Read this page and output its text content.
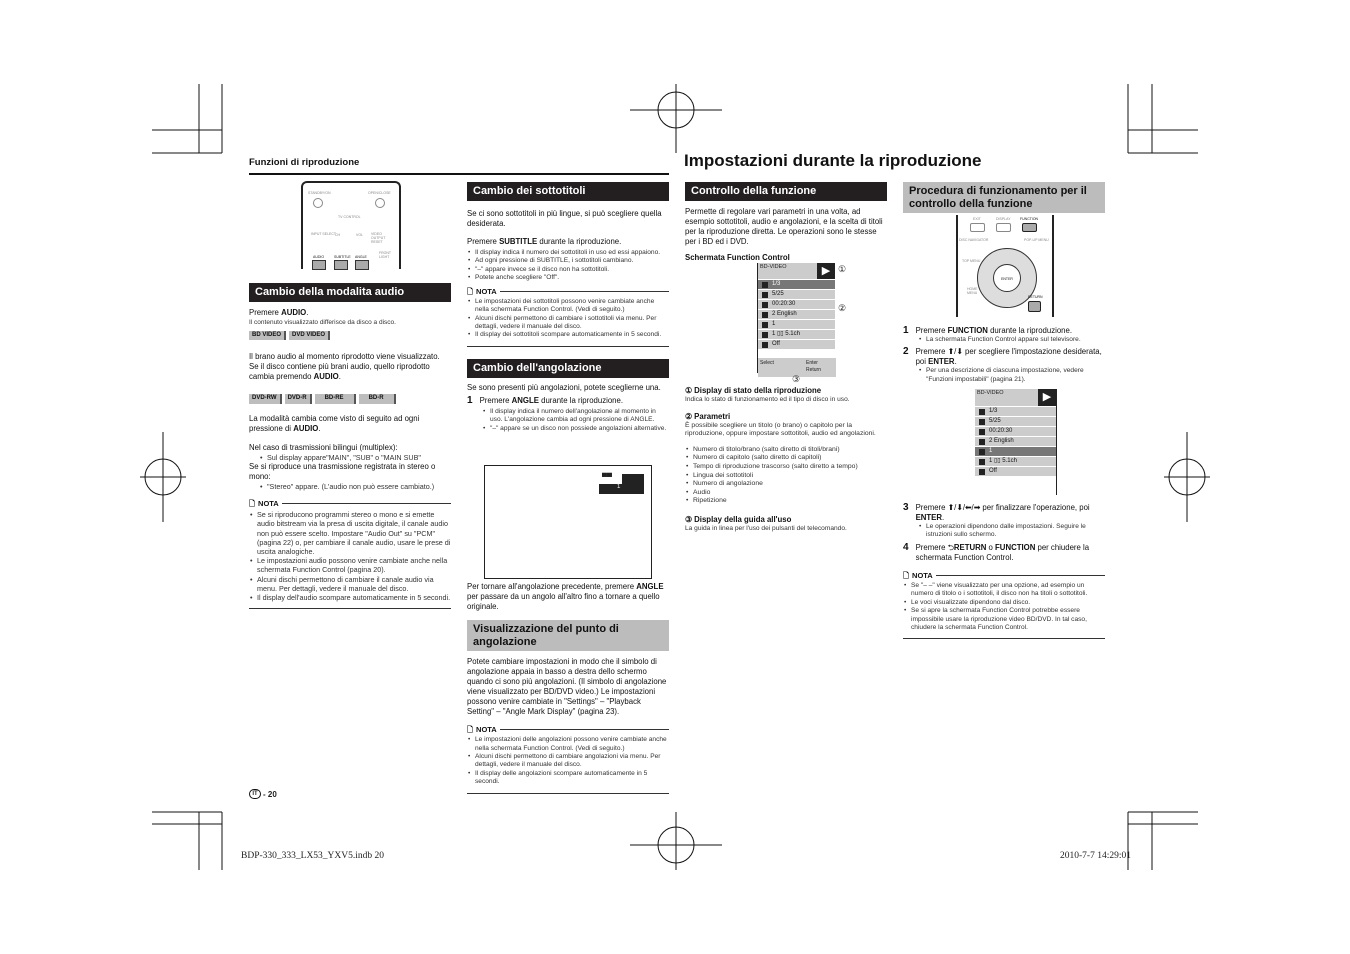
Funzioni di riproduzione	Impostazioni durante la riproduzione
STANDBY/ON	OPEN/CLOSE
TV CONTROL
INPUT SELECT
CH	VOL VIDEO OUTPUT RESET
FRONT LIGHT
AUDIO	SUBTITLE ANGLE
Cambio della modalita audio
Premere AUDIO.
Il contenuto visualizzato differisce da disco a disco.
BD VIDEO DVD VIDEO
Il brano audio al momento riprodotto viene visualizzato. Se il disco contiene più brani audio, quello riprodotto cambia premendo AUDIO.
DVD-RW DVD-R	BD-RE	BD-R
La modalità cambia come visto di seguito ad ogni pressione di AUDIO.
Nel caso di trasmissioni bilingui (multiplex):
• Sul display appare"MAIN", "SUB" o "MAIN SUB"
Se si riproduce una trasmissione registrata in stereo o mono:
• "Stereo" appare. (L'audio non può essere cambiato.)
🗋 NOTA
• Se si riproducono programmi stereo o mono e si emette audio bitstream via la presa di uscita digitale, il canale audio non può essere scelto. Impostare "Audio Out" su "PCM" (pagina 22) o, per cambiare il canale audio, usare le prese di uscita analogiche.
• Le impostazioni audio possono venire cambiate anche nella schermata Function Control (pagina 20).
• Alcuni dischi permettono di cambiare il canale audio via menu. Per dettagli, vedere il manuale del disco.
• Il display dell'audio scompare automaticamente in 5 secondi.
Cambio dei sottotitoli
Se ci sono sottotitoli in più lingue, si può scegliere quella desiderata.
Premere SUBTITLE durante la riproduzione.
• Il display indica il numero dei sottotitoli in uso ed essi appaiono.
• Ad ogni pressione di SUBTITLE, i sottotitoli cambiano.
• "–" appare invece se il disco non ha sottotitoli.
• Potete anche scegliere "Off".
🗋 NOTA
• Le impostazioni dei sottotitoli possono venire cambiate anche nella schermata Function Control. (Vedi di seguito.)
• Alcuni dischi permettono di cambiare i sottotitoli via menu. Per dettagli, vedere il manuale del disco.
• Il display dei sottotitoli scompare automaticamente in 5 secondi.
Cambio dell'angolazione
Se sono presenti più angolazioni, potete sceglierne una.
1 Premere ANGLE durante la riproduzione.
• Il display indica il numero dell'angolazione al momento in uso. L'angolazione cambia ad ogni pressione di ANGLE.
• "–" appare se un disco non possiede angolazioni alternative.
▀▀
1
Per tornare all'angolazione precedente, premere ANGLE per passare da un angolo all'altro fino a tornare a quello originale.
Visualizzazione del punto di angolazione
Potete cambiare impostazioni in modo che il simbolo di angolazione appaia in basso a destra dello schermo quando ci sono più angolazioni. (Il simbolo di angolazione viene visualizzato per BD/DVD video.) Le impostazioni possono venire cambiate in "Settings" – "Playback Setting" – "Angle Mark Display" (pagina 23).
🗋 NOTA
• Le impostazioni delle angolazioni possono venire cambiate anche nella schermata Function Control. (Vedi di seguito.)
• Alcuni dischi permettono di cambiare angolazioni via menu. Per dettagli, vedere il manuale del disco.
• Il display delle angolazioni scompare automaticamente in 5 secondi.
Controllo della funzione
Permette di regolare vari parametri in una volta, ad esempio sottotitoli, audio e angolazioni, e la scelta di titoli per la riproduzione diretta. Le operazioni sono le stesse per i BD ed i DVD.
Schermata Function Control
BD-VIDEO	▶
1/3
5/25
00:20:30
2 English
1
1 ▯▯ 5.1ch
Off
Select	Enter
Return
①
②
③
① Display di stato della riproduzione
Indica lo stato di funzionamento ed il tipo di disco in uso.
② Parametri
È possibile scegliere un titolo (o brano) o capitolo per la riproduzione, oppure impostare sottotitoli, audio ed angolazioni.
• Numero di titolo/brano (salto diretto di titoli/brani)
• Numero di capitolo (salto diretto di capitoli)
• Tempo di riproduzione trascorso (salto diretto a tempo)
• Lingua dei sottotitoli
• Numero di angolazione
• Audio
• Ripetizione
③ Display della guida all'uso
La guida in linea per l'uso dei pulsanti del telecomando.
Procedura di funzionamento per il controllo della funzione
EXIT	DISPLAY	FUNCTION
DISC NAVIGATOR	POP-UP MENU
TOP MENU
ENTER
HOME MENU
RETURN
1 Premere FUNCTION durante la riproduzione.
• La schermata Function Control appare sul televisore.
2 Premere ⬆/⬇ per scegliere l'impostazione desiderata, poi ENTER.
• Per una descrizione di ciascuna impostazione, vedere "Funzioni impostabili" (pagina 21).
BD-VIDEO	▶
1/3
5/25
00:20:30
2 English
1
1 ▯▯ 5.1ch
Off
3 Premere ⬆/⬇/⬅/➡ per finalizzare l'operazione, poi ENTER.
• Le operazioni dipendono dalle impostazioni. Seguire le istruzioni sullo schermo.
4 Premere ⮌RETURN o FUNCTION per chiudere la schermata Function Control.
🗋 NOTA
• Se "– –" viene visualizzato per una opzione, ad esempio un numero di titolo o i sottotitoli, il disco non ha titoli o sottotitoli.
• Le voci visualizzate dipendono dal disco.
• Se si apre la schermata Function Control potrebbe essere impossibile usare la riproduzione video BD/DVD. In tal caso, chiudere la schermata Function Control.
IT - 20
BDP-330_333_LX53_YXV5.indb 20	2010-7-7 14:29:01
